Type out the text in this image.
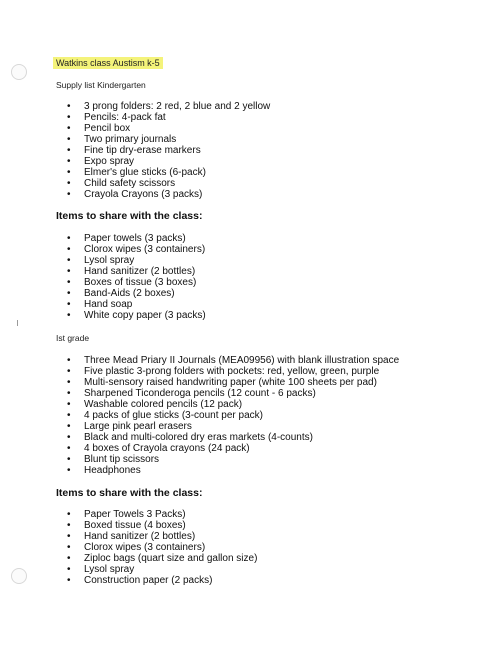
Watkins class Austism k-5
Supply list Kindergarten
• 3 prong folders: 2 red, 2 blue and 2 yellow
• Pencils: 4-pack fat
• Pencil box
• Two primary journals
• Fine tip dry-erase markers
• Expo spray
• Elmer's glue sticks (6-pack)
• Child safety scissors
• Crayola Crayons (3 packs)
Items to share with the class:
• Paper towels (3 packs)
• Clorox wipes (3 containers)
• Lysol spray
• Hand sanitizer (2 bottles)
• Boxes of tissue (3 boxes)
• Band-Aids (2 boxes)
• Hand soap
• White copy paper (3 packs)
Ist grade
• Three Mead Priary II Journals (MEA09956) with blank illustration space
• Five plastic 3-prong folders with pockets: red, yellow, green, purple
• Multi-sensory raised handwriting paper (white 100 sheets per pad)
• Sharpened Ticonderoga pencils (12 count - 6 packs)
• Washable colored pencils (12 pack)
• 4 packs of glue sticks (3-count per pack)
• Large pink pearl erasers
• Black and multi-colored dry eras markets (4-counts)
• 4 boxes of Crayola crayons (24 pack)
• Blunt tip scissors
• Headphones
Items to share with the class:
• Paper Towels 3 Packs)
• Boxed tissue (4 boxes)
• Hand sanitizer (2 bottles)
• Clorox wipes (3 containers)
• Ziploc bags (quart size and gallon size)
• Lysol spray
• Construction paper (2 packs)
